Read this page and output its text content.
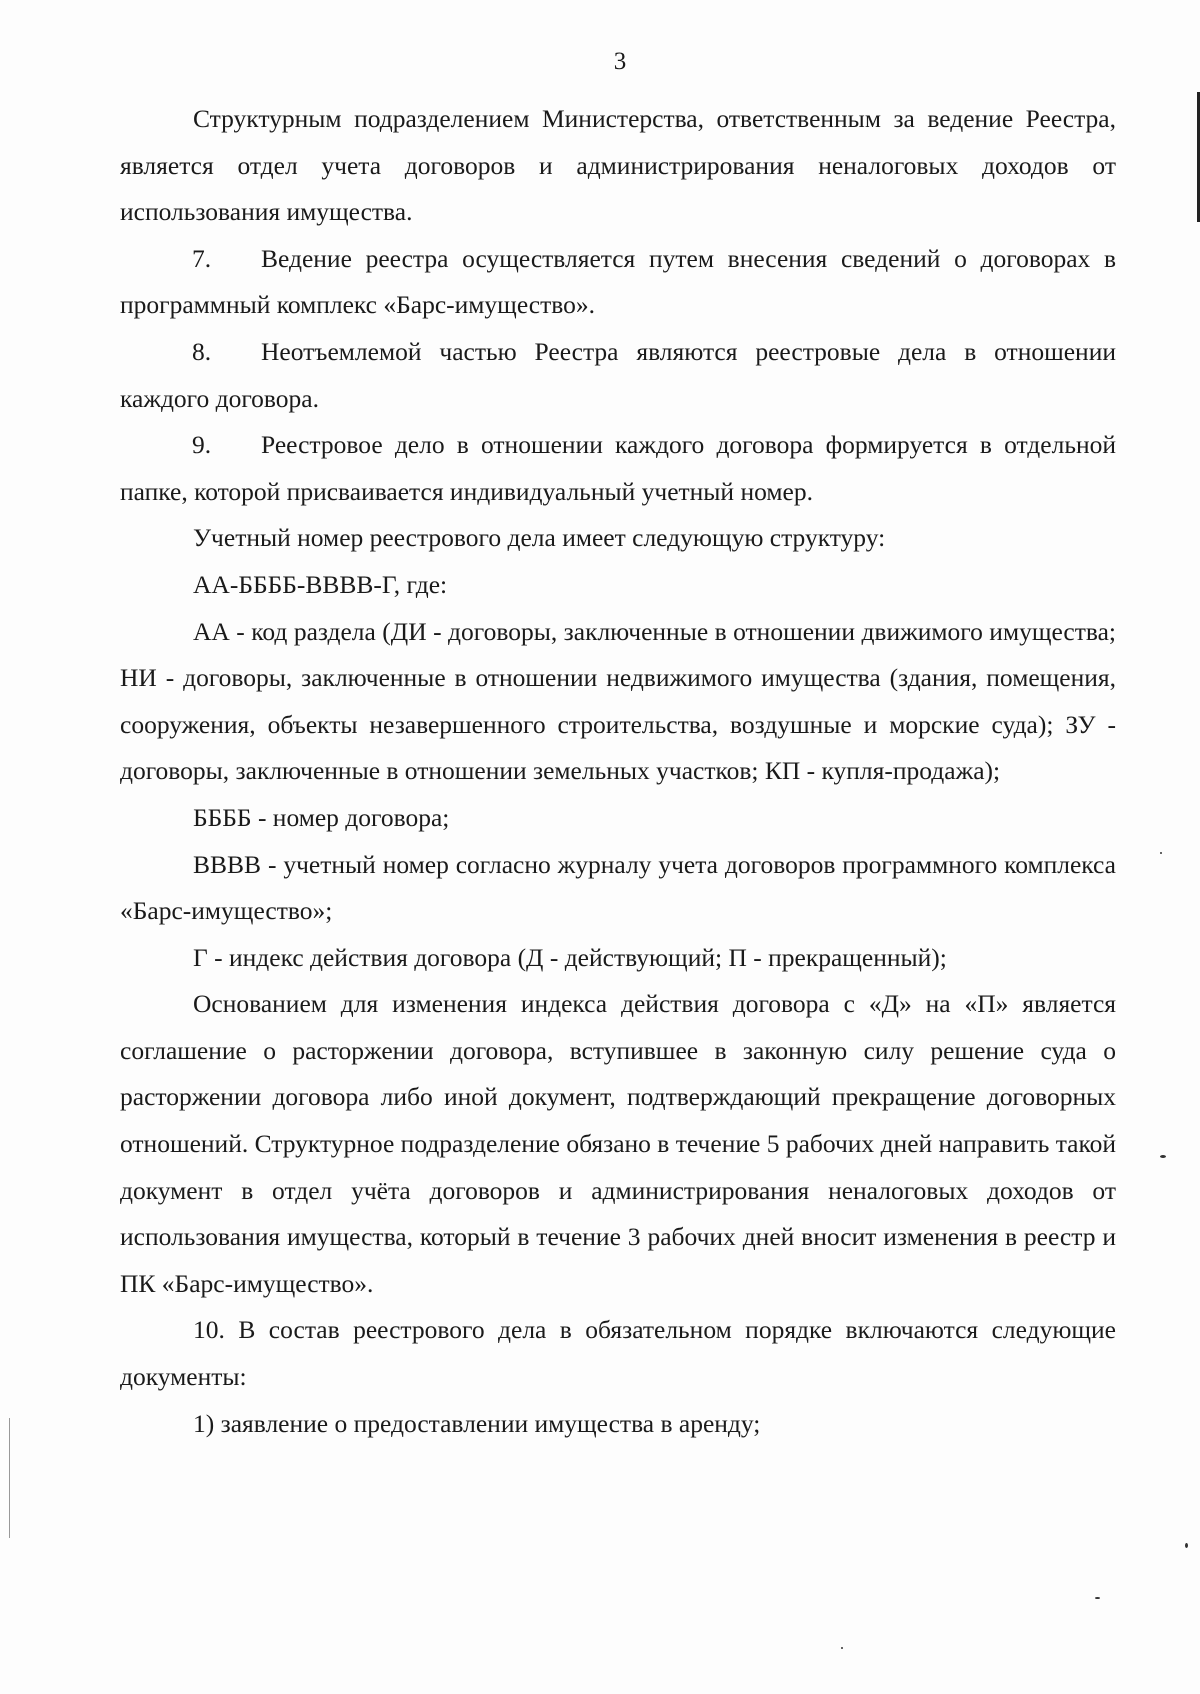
3

Структурным подразделением Министерства, ответственным за ведение Реестра, является отдел учета договоров и администрирования неналоговых доходов от использования имущества.

7. Ведение реестра осуществляется путем внесения сведений о договорах в программный комплекс «Барс-имущество».

8. Неотъемлемой частью Реестра являются реестровые дела в отношении каждого договора.

9. Реестровое дело в отношении каждого договора формируется в отдельной папке, которой присваивается индивидуальный учетный номер.

Учетный номер реестрового дела имеет следующую структуру:

АА-ББББ-ВВВВ-Г, где:

АА - код раздела (ДИ - договоры, заключенные в отношении движимого имущества; НИ - договоры, заключенные в отношении недвижимого имущества (здания, помещения, сооружения, объекты незавершенного строительства, воздушные и морские суда); ЗУ - договоры, заключенные в отношении земельных участков; КП - купля-продажа);

ББББ - номер договора;

ВВВВ - учетный номер согласно журналу учета договоров программного комплекса «Барс-имущество»;

Г - индекс действия договора (Д - действующий; П - прекращенный);

Основанием для изменения индекса действия договора с «Д» на «П» является соглашение о расторжении договора, вступившее в законную силу решение суда о расторжении договора либо иной документ, подтверждающий прекращение договорных отношений. Структурное подразделение обязано в течение 5 рабочих дней направить такой документ в отдел учёта договоров и администрирования неналоговых доходов от использования имущества, который в течение 3 рабочих дней вносит изменения в реестр и ПК «Барс-имущество».

10. В состав реестрового дела в обязательном порядке включаются следующие документы:

1) заявление о предоставлении имущества в аренду;
